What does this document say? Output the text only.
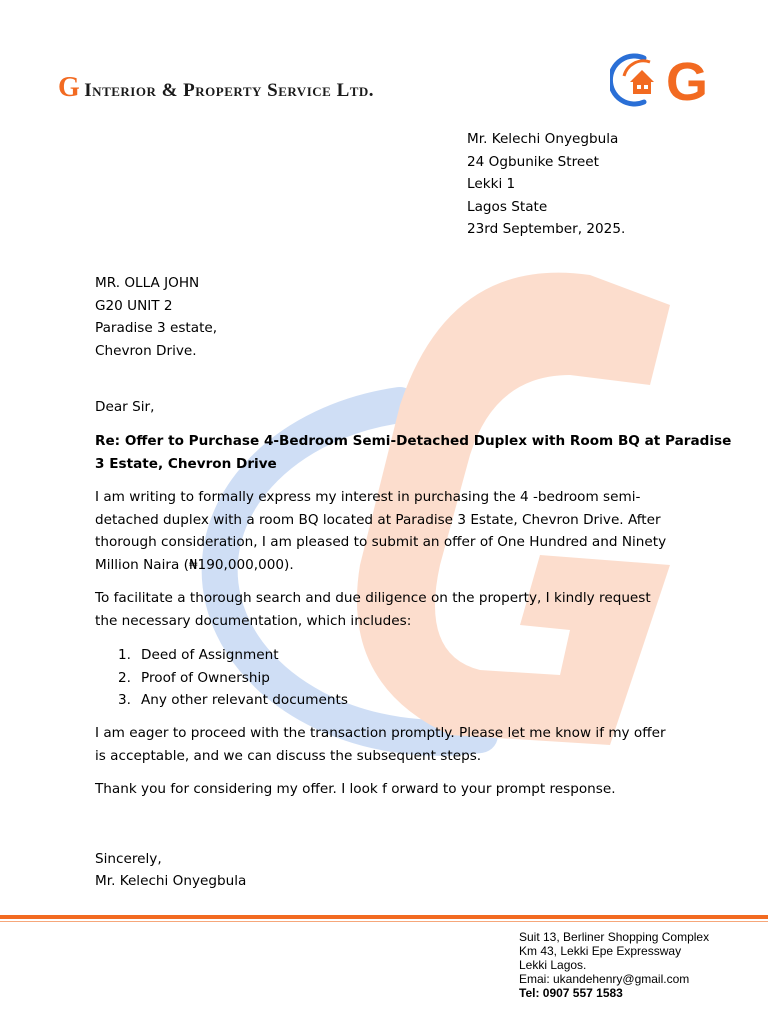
G Interior & Property Service Ltd.	G
Mr. Kelechi Onyegbula
24 Ogbunike Street
Lekki 1
Lagos State
23rd September, 2025.
MR. OLLA JOHN
G20 UNIT 2
Paradise 3 estate,
Chevron Drive.
Dear Sir,
Re: Offer to Purchase 4-Bedroom Semi-Detached Duplex with Room BQ at Paradise
3 Estate, Chevron Drive
I am writing to formally express my interest in purchasing the 4 -bedroom semi-
detached duplex with a room BQ located at Paradise 3 Estate, Chevron Drive. After
thorough consideration, I am pleased to submit an offer of One Hundred and Ninety
Million Naira (₦190,000,000).
To facilitate a thorough search and due diligence on the property, I kindly request
the necessary documentation, which includes:
1. Deed of Assignment
2. Proof of Ownership
3. Any other relevant documents
I am eager to proceed with the transaction promptly. Please let me know if my offer
is acceptable, and we can discuss the subsequent steps.
Thank you for considering my offer. I look f orward to your prompt response.
Sincerely,
Mr. Kelechi Onyegbula
Suit 13, Berliner Shopping Complex
Km 43, Lekki Epe Expressway
Lekki Lagos.
Emai: ukandehenry@gmail.com
Tel: 0907 557 1583
